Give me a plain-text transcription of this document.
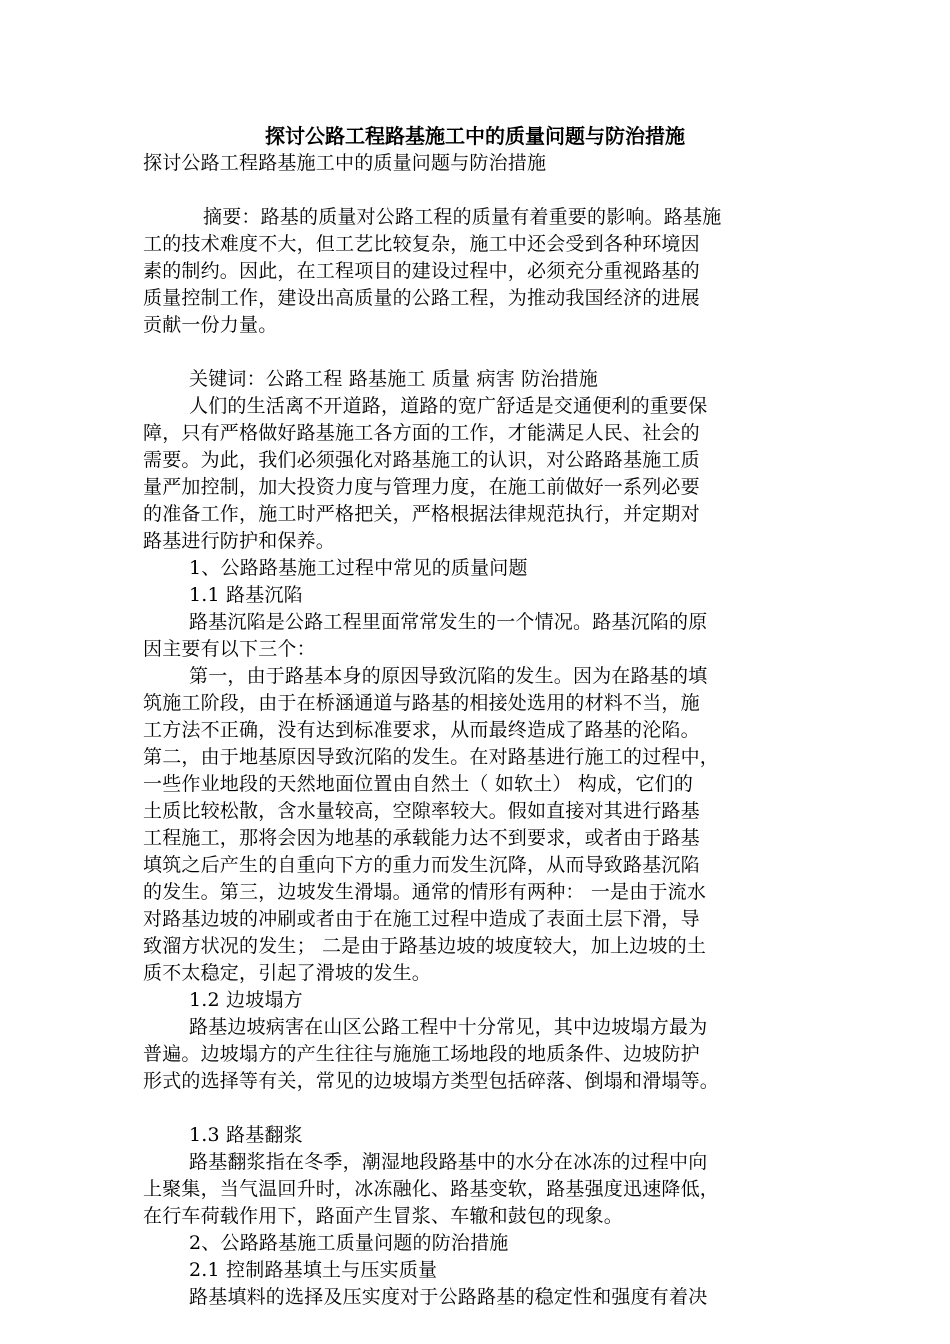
探讨公路工程路基施工中的质量问题与防治措施
探讨公路工程路基施工中的质量问题与防治措施
摘要：路基的质量对公路工程的质量有着重要的影响。路基施
工的技术难度不大，但工艺比较复杂，施工中还会受到各种环境因
素的制约。因此，在工程项目的建设过程中，必须充分重视路基的
质量控制工作，建设出高质量的公路工程，为推动我国经济的进展
贡献一份力量。
关键词：公路工程 路基施工 质量 病害 防治措施
人们的生活离不开道路，道路的宽广舒适是交通便利的重要保
障，只有严格做好路基施工各方面的工作，才能满足人民、社会的
需要。为此，我们必须强化对路基施工的认识，对公路路基施工质
量严加控制，加大投资力度与管理力度，在施工前做好一系列必要
的准备工作，施工时严格把关，严格根据法律规范执行，并定期对
路基进行防护和保养。
1、公路路基施工过程中常见的质量问题
1.1 路基沉陷
路基沉陷是公路工程里面常常发生的一个情况。路基沉陷的原
因主要有以下三个：
第一，由于路基本身的原因导致沉陷的发生。因为在路基的填
筑施工阶段，由于在桥涵通道与路基的相接处选用的材料不当，施
工方法不正确，没有达到标准要求，从而最终造成了路基的沦陷。
第二，由于地基原因导致沉陷的发生。在对路基进行施工的过程中，
一些作业地段的天然地面位置由自然土（ 如软土） 构成，它们的
土质比较松散，含水量较高，空隙率较大。假如直接对其进行路基
工程施工，那将会因为地基的承载能力达不到要求，或者由于路基
填筑之后产生的自重向下方的重力而发生沉降，从而导致路基沉陷
的发生。第三，边坡发生滑塌。通常的情形有两种： 一是由于流水
对路基边坡的冲刷或者由于在施工过程中造成了表面土层下滑，导
致溜方状况的发生； 二是由于路基边坡的坡度较大，加上边坡的土
质不太稳定，引起了滑坡的发生。
1.2 边坡塌方
路基边坡病害在山区公路工程中十分常见，其中边坡塌方最为
普遍。边坡塌方的产生往往与施施工场地段的地质条件、边坡防护
形式的选择等有关，常见的边坡塌方类型包括碎落、倒塌和滑塌等。
1.3 路基翻浆
路基翻浆指在冬季，潮湿地段路基中的水分在冰冻的过程中向
上聚集，当气温回升时，冰冻融化、路基变软，路基强度迅速降低，
在行车荷载作用下，路面产生冒浆、车辙和鼓包的现象。
2、公路路基施工质量问题的防治措施
2.1 控制路基填土与压实质量
路基填料的选择及压实度对于公路路基的稳定性和强度有着决
